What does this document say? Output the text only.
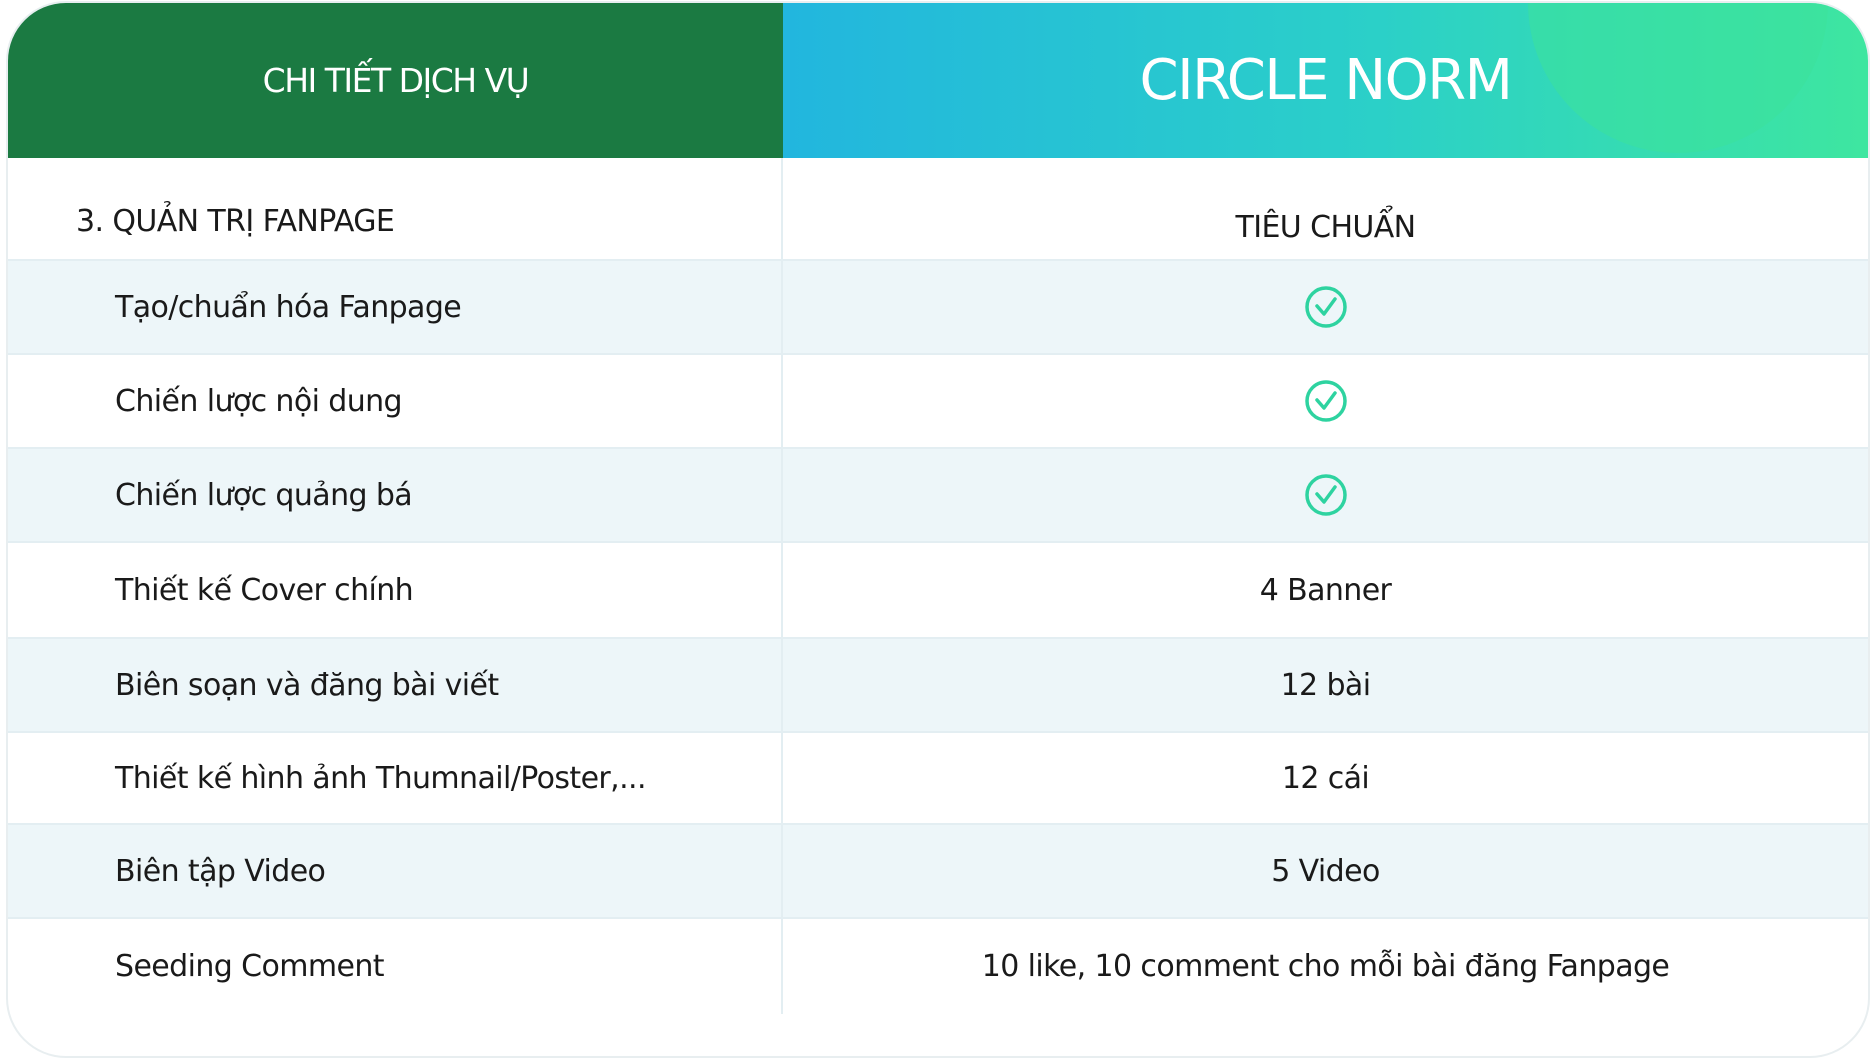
CHI TIẾT DỊCH VỤ	CIRCLE NORM
3. QUẢN TRỊ FANPAGE	TIÊU CHUẨN
Tạo/chuẩn hóa Fanpage
Chiến lược nội dung
Chiến lược quảng bá
Thiết kế Cover chính	4 Banner
Biên soạn và đăng bài viết	12 bài
Thiết kế hình ảnh Thumnail/Poster,...	12 cái
Biên tập Video	5 Video
Seeding Comment	10 like, 10 comment cho mỗi bài đăng Fanpage
